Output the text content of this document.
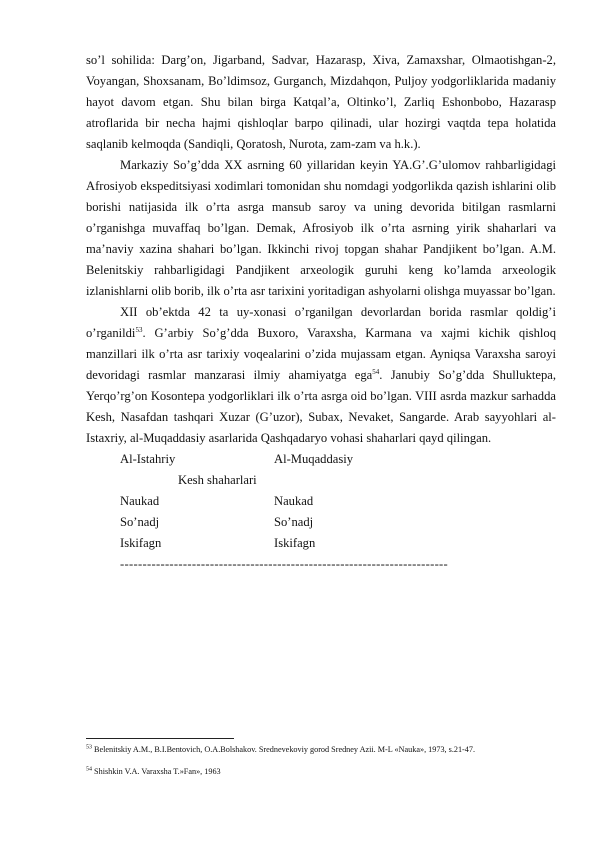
so’l sohilida: Darg’on, Jigarband, Sadvar, Hazarasp, Xiva, Zamaxshar, Olmaotishgan-2, Voyangan, Shoxsanam, Bo’ldimsoz, Gurganch, Mizdahqon, Puljoy yodgorliklarida madaniy hayot davom etgan. Shu bilan birga Katqal’a, Oltinko’l, Zarliq Eshonbobo, Hazarasp atroflarida bir necha hajmi qishloqlar barpo qilinadi, ular hozirgi vaqtda tepa holatida saqlanib kelmoqda (Sandiqli, Qoratosh, Nurota, zam-zam va h.k.).

Markaziy So’g’dda XX asrning 60 yillaridan keyin YA.G’.G’ulomov rahbarligidagi Afrosiyob ekspeditsiyasi xodimlari tomonidan shu nomdagi yodgorlikda qazish ishlarini olib borishi natijasida ilk o’rta asrga mansub saroy va uning devorida bitilgan rasmlarni o’rganishga muvaffaq bo’lgan. Demak, Afrosiyob ilk o’rta asrning yirik shaharlari va ma’naviy xazina shahari bo’lgan. Ikkinchi rivoj topgan shahar Pandjikent bo’lgan. A.M. Belenitskiy rahbarligidagi Pandjikent arxeologik guruhi keng ko’lamda arxeologik izlanishlarni olib borib, ilk o’rta asr tarixini yoritadigan ashyolarni olishga muyassar bo’lgan.

XII ob’ektda 42 ta uy-xonasi o’rganilgan devorlardan borida rasmlar qoldig’i o’rganildi$^{53}$. G’arbiy So’g’dda Buxoro, Varaxsha, Karmana va xajmi kichik qishloq manzillari ilk o’rta asr tarixiy voqealarini o’zida mujassam etgan. Ayniqsa Varaxsha saroyi devoridagi rasmlar manzarasi ilmiy ahamiyatga ega$^{54}$. Janubiy So’g’dda Shulluktepa, Yerqo’rg’on Kosontepa yodgorliklari ilk o’rta asrga oid bo’lgan. VIII asrda mazkur sarhadda Kesh, Nasafdan tashqari Xuzar (G’uzor), Subax, Nevaket, Sangarde. Arab sayyohlari al-Istaxriy, al-Muqaddasiy asarlarida Qashqadaryo vohasi shaharlari qayd qilingan.

Al-Istahriy	Al-Muqaddasiy
Kesh shaharlari
Naukad	Naukad
So’nadj	So’nadj
Iskifagn	Iskifagn
-------------------------------------------------------------------------
$^{53}$ Belenitskiy A.M., B.I.Bentovich, O.A.Bolshakov. Srednevekoviy gorod Sredney Azii. M-L «Nauka», 1973, s.21-47.
$^{54}$ Shishkin V.A. Varaxsha T.»Fan», 1963
